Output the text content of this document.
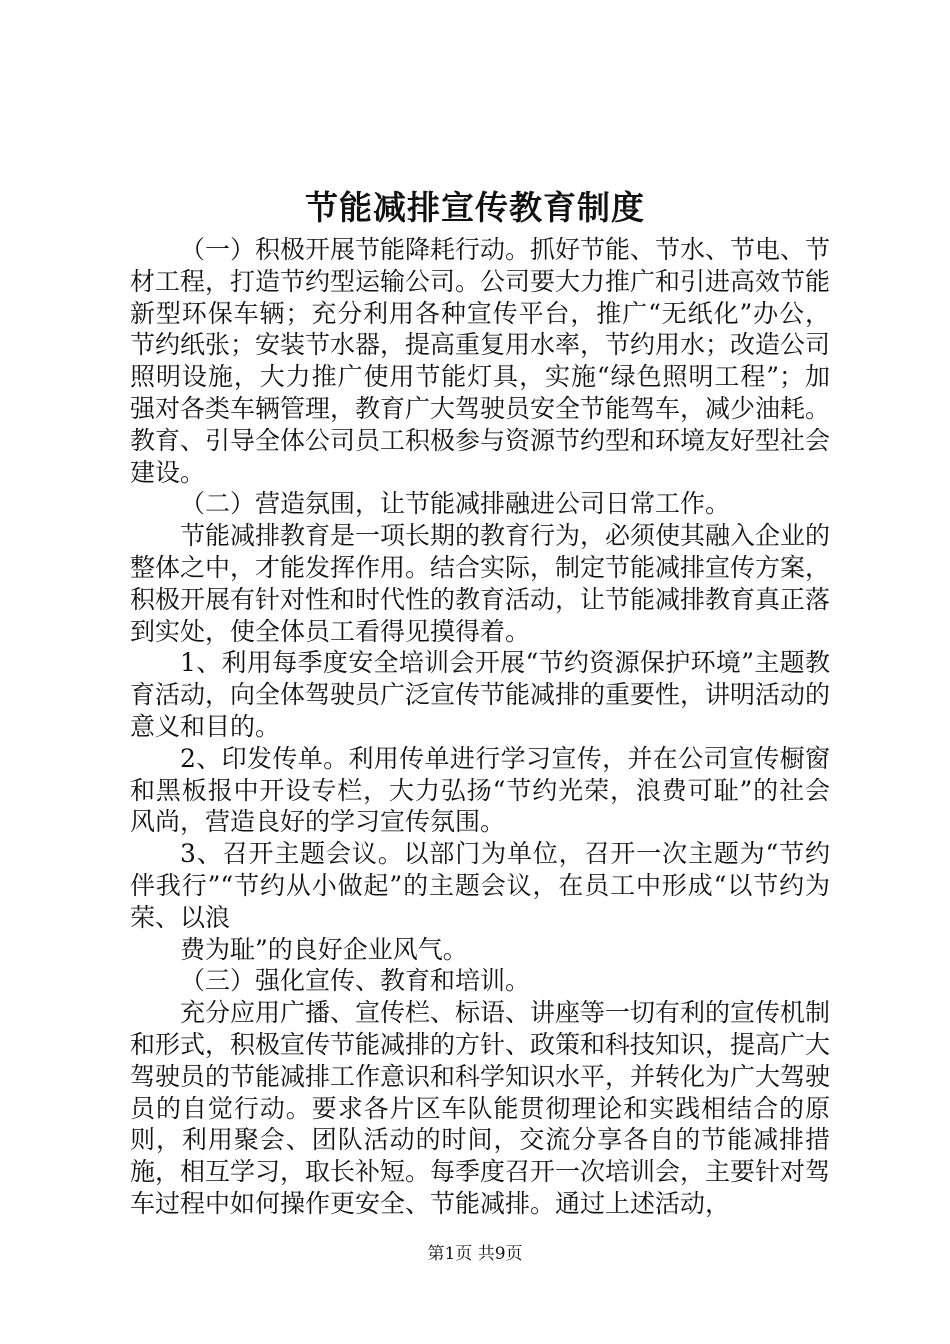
节能减排宣传教育制度

（一）积极开展节能降耗行动。抓好节能、节水、节电、节材工程，打造节约型运输公司。公司要大力推广和引进高效节能新型环保车辆；充分利用各种宣传平台，推广“无纸化”办公，节约纸张；安装节水器，提高重复用水率，节约用水；改造公司照明设施，大力推广使用节能灯具，实施“绿色照明工程”；加强对各类车辆管理，教育广大驾驶员安全节能驾车，减少油耗。教育、引导全体公司员工积极参与资源节约型和环境友好型社会建设。

（二）营造氛围，让节能减排融进公司日常工作。

节能减排教育是一项长期的教育行为，必须使其融入企业的整体之中，才能发挥作用。结合实际，制定节能减排宣传方案，积极开展有针对性和时代性的教育活动，让节能减排教育真正落到实处，使全体员工看得见摸得着。

1、利用每季度安全培训会开展“节约资源保护环境”主题教育活动，向全体驾驶员广泛宣传节能减排的重要性，讲明活动的意义和目的。

2、印发传单。利用传单进行学习宣传，并在公司宣传橱窗和黑板报中开设专栏，大力弘扬“节约光荣，浪费可耻”的社会风尚，营造良好的学习宣传氛围。

3、召开主题会议。以部门为单位，召开一次主题为“节约伴我行”“节约从小做起”的主题会议，在员工中形成“以节约为荣、以浪

费为耻”的良好企业风气。

（三）强化宣传、教育和培训。

充分应用广播、宣传栏、标语、讲座等一切有利的宣传机制和形式，积极宣传节能减排的方针、政策和科技知识，提高广大驾驶员的节能减排工作意识和科学知识水平，并转化为广大驾驶员的自觉行动。要求各片区车队能贯彻理论和实践相结合的原则，利用聚会、团队活动的时间，交流分享各自的节能减排措施，相互学习，取长补短。每季度召开一次培训会，主要针对驾车过程中如何操作更安全、节能减排。通过上述活动，

第1页 共9页
